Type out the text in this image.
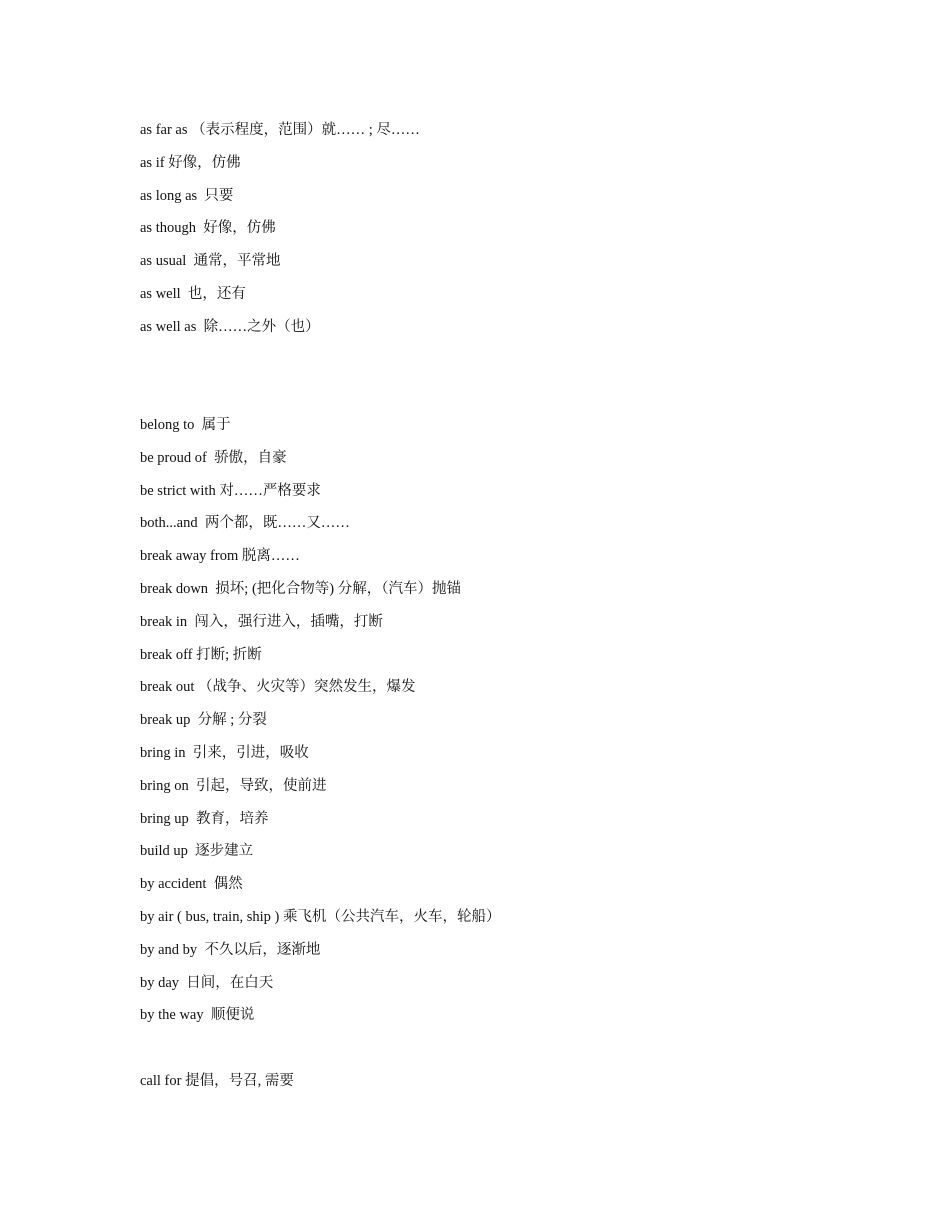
as far as （表示程度，范围）就…… ; 尽……
as if 好像，仿佛
as long as  只要
as though  好像，仿佛
as usual  通常，平常地
as well  也，还有
as well as  除……之外（也）
belong to  属于
be proud of  骄傲，自豪
be strict with 对……严格要求
both...and  两个都，既……又……
break away from 脱离……
break down  损坏; (把化合物等) 分解，（汽车）抛锚
break in  闯入，强行进入，插嘴，打断
break off 打断; 折断
break out （战争、火灾等）突然发生，爆发
break up  分解 ; 分裂
bring in  引来，引进，吸收
bring on  引起，导致，使前进
bring up  教育，培养
build up  逐步建立
by accident  偶然
by air ( bus, train, ship ) 乘飞机（公共汽车，火车，轮船）
by and by  不久以后，逐渐地
by day  日间，在白天
by the way  顺便说
call for 提倡，号召, 需要
